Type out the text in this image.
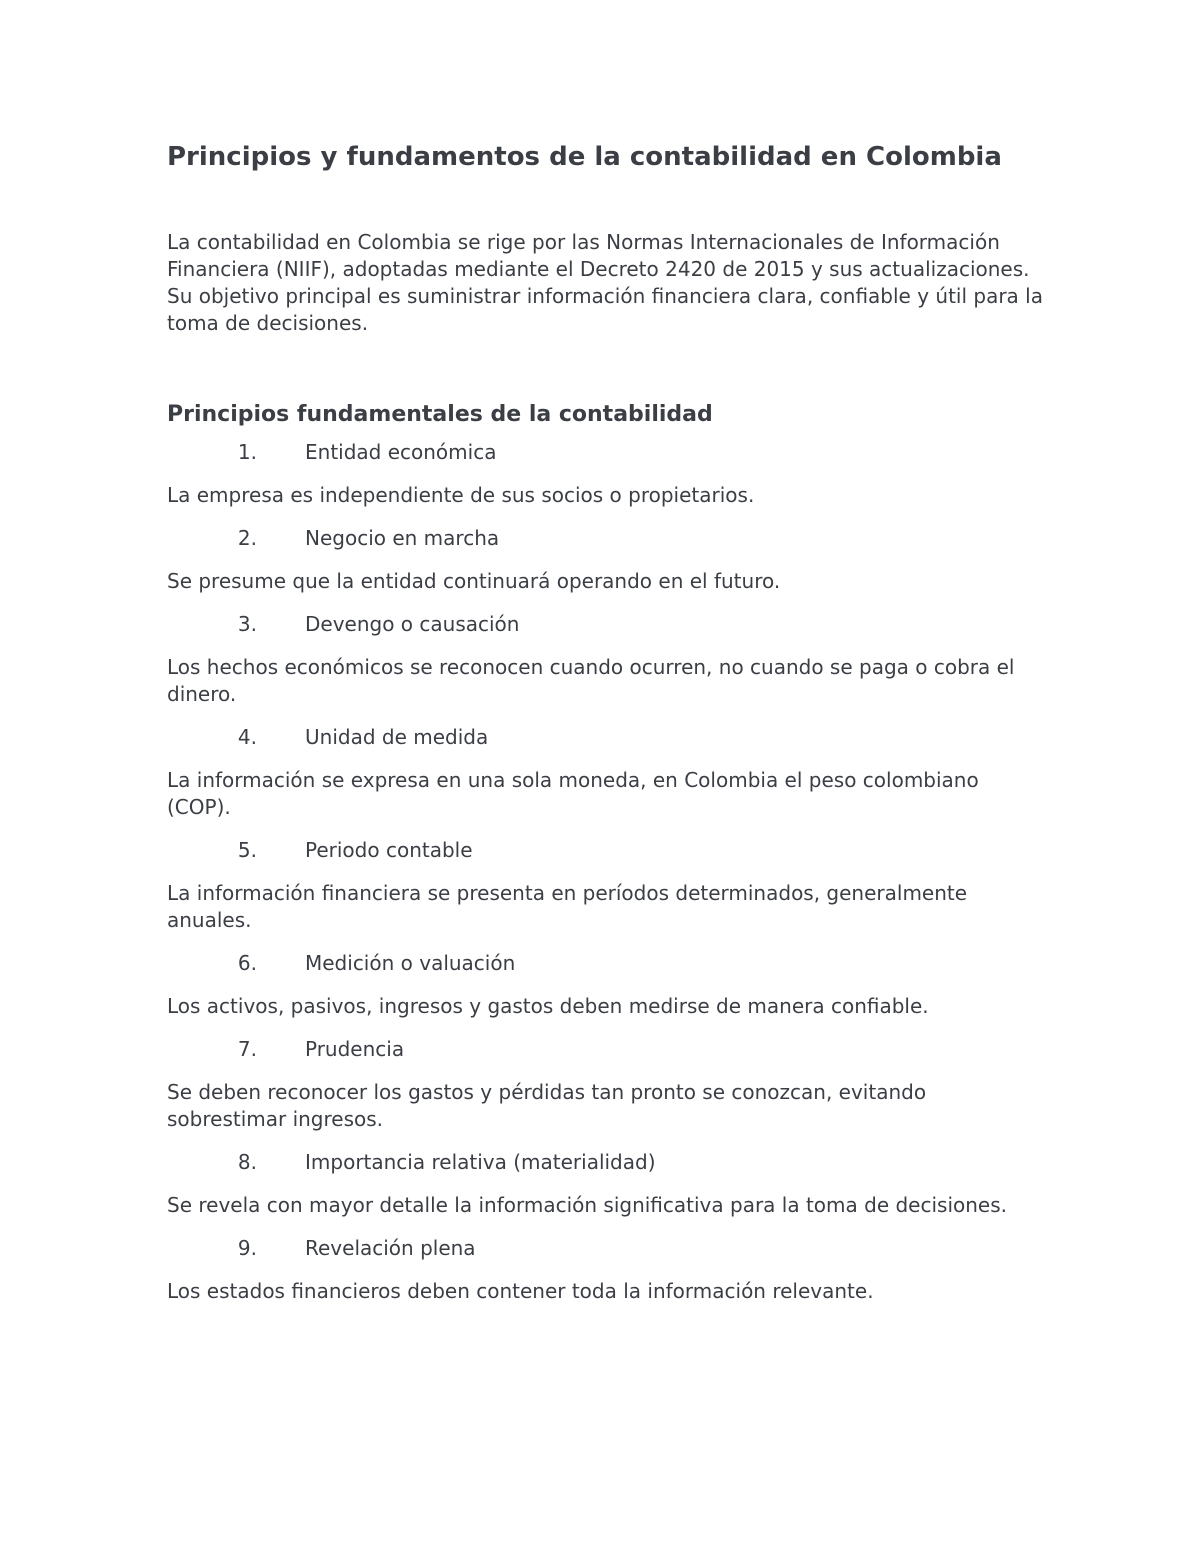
Principios y fundamentos de la contabilidad en Colombia

La contabilidad en Colombia se rige por las Normas Internacionales de Información Financiera (NIIF), adoptadas mediante el Decreto 2420 de 2015 y sus actualizaciones. Su objetivo principal es suministrar información financiera clara, confiable y útil para la toma de decisiones.

Principios fundamentales de la contabilidad

1.	Entidad económica

La empresa es independiente de sus socios o propietarios.

2.	Negocio en marcha

Se presume que la entidad continuará operando en el futuro.

3.	Devengo o causación

Los hechos económicos se reconocen cuando ocurren, no cuando se paga o cobra el dinero.

4.	Unidad de medida

La información se expresa en una sola moneda, en Colombia el peso colombiano (COP).

5.	Periodo contable

La información financiera se presenta en períodos determinados, generalmente anuales.

6.	Medición o valuación

Los activos, pasivos, ingresos y gastos deben medirse de manera confiable.

7.	Prudencia

Se deben reconocer los gastos y pérdidas tan pronto se conozcan, evitando sobrestimar ingresos.

8.	Importancia relativa (materialidad)

Se revela con mayor detalle la información significativa para la toma de decisiones.

9.	Revelación plena

Los estados financieros deben contener toda la información relevante.
